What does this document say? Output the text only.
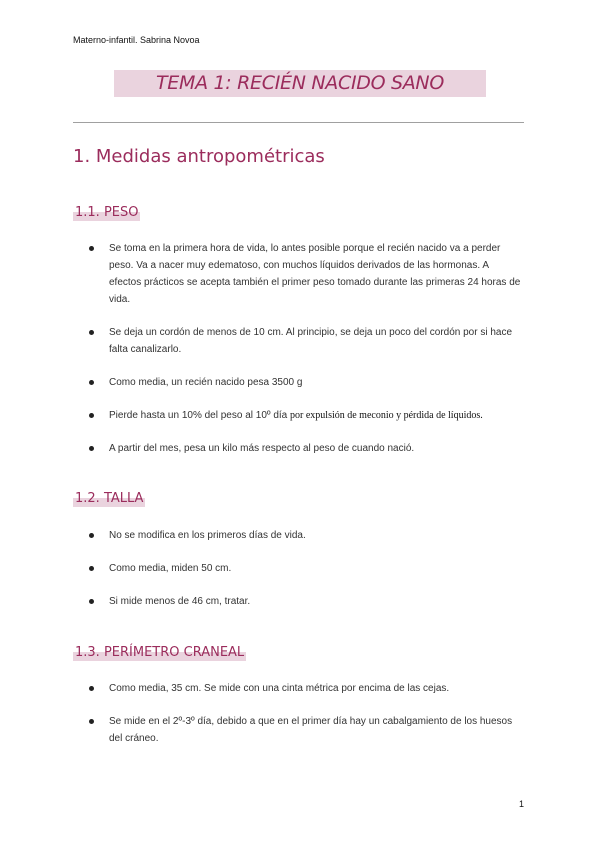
Materno-infantil. Sabrina Novoa
TEMA 1: RECIÉN NACIDO SANO
1. Medidas antropométricas
1.1. PESO
Se toma en la primera hora de vida, lo antes posible porque el recién nacido va a perder peso. Va a nacer muy edematoso, con muchos líquidos derivados de las hormonas. A efectos prácticos se acepta también el primer peso tomado durante las primeras 24 horas de vida.
Se deja un cordón de menos de 10 cm. Al principio, se deja un poco del cordón por si hace falta canalizarlo.
Como media, un recién nacido pesa 3500 g
Pierde hasta un 10% del peso al 10º día por expulsión de meconio y pérdida de líquidos.
A partir del mes, pesa un kilo más respecto al peso de cuando nació.
1.2. TALLA
No se modifica en los primeros días de vida.
Como media, miden 50 cm.
Si mide menos de 46 cm, tratar.
1.3. PERÍMETRO CRANEAL
Como media, 35 cm. Se mide con una cinta métrica por encima de las cejas.
Se mide en el 2º-3º día, debido a que en el primer día hay un cabalgamiento de los huesos del cráneo.
1
